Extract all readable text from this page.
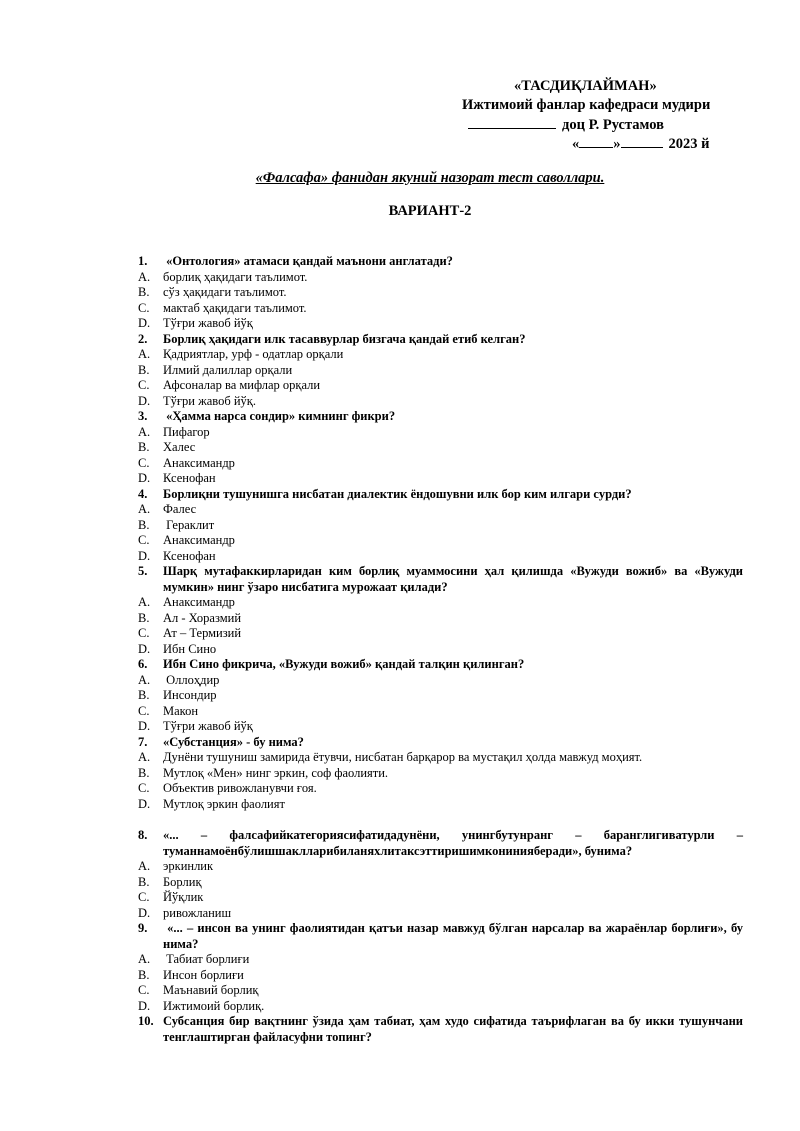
«ТАСДИҚЛАЙМАН»
Ижтимоий фанлар кафедраси мудири
доц Р. Рустамов
« »	2023 й
«Фалсафа» фанидан якуний назорат тест саволлари.
ВАРИАНТ-2
1.	«Онтология» атамаси қандай маънони англатади?
A.	борлиқ ҳақидаги таълимот.
B.	сўз ҳақидаги таълимот.
C.	мактаб ҳақидаги таълимот.
D.	Тўғри жавоб йўқ
2.	Борлиқ ҳақидаги илк тасаввурлар бизгача қандай етиб келган?
A.	Қадриятлар, урф - одатлар орқали
B.	Илмий далиллар орқали
C.	Афсоналар ва мифлар орқали
D.	Тўғри жавоб йўқ.
3.	«Ҳамма нарса сондир» кимнинг фикри?
A.	Пифагор
B.	Халес
C.	Анаксимандр
D.	Ксенофан
4.	Борлиқни тушунишга нисбатан диалектик ёндошувни илк бор ким илгари сурди?
A.	Фалес
B.	Гераклит
C.	Анаксимандр
D.	Ксенофан
5.	Шарқ мутафаккирларидан ким борлиқ муаммосини ҳал қилишда «Вужуди вожиб» ва «Вужуди мумкин» нинг ўзаро нисбатига мурожаат қилади?
A.	Анаксимандр
B.	Ал - Хоразмий
C.	Ат – Термизий
D.	Ибн Сино
6.	Ибн Сино фикрича, «Вужуди вожиб» қандай талқин қилинган?
A.	Оллоҳдир
B.	Инсондир
C.	Макон
D.	Тўғри жавоб йўқ
7.	«Субстанция» - бу нима?
A.	Дунёни тушуниш замирида ётувчи, нисбатан барқарор ва мустақил ҳолда мавжуд моҳият.
B.	Мутлоқ «Мен» нинг эркин, соф фаолияти.
C.	Объектив ривожланувчи ғоя.
D.	Мутлоқ эркин фаолият
8.	«... – фалсафийкатегориясифатидадунёни, унингбутунранг – баранглигиватурли – туманнамоёнбўлишшаклларибиланяхлитаксэттиришимконинияберади», бунима?
A.	эркинлик
B.	Борлиқ
C.	Йўқлик
D.	ривожланиш
9.	«... – инсон ва унинг фаолиятидан қатъи назар мавжуд бўлган нарсалар ва жараёнлар борлиғи», бу нима?
A.	Табиат борлиғи
B.	Инсон борлиғи
C.	Маънавий борлиқ
D.	Ижтимоий борлиқ.
10. Субсанция бир вақтнинг ўзида ҳам табиат, ҳам худо сифатида таърифлаган ва бу икки тушунчани тенглаштирган файласуфни топинг?
